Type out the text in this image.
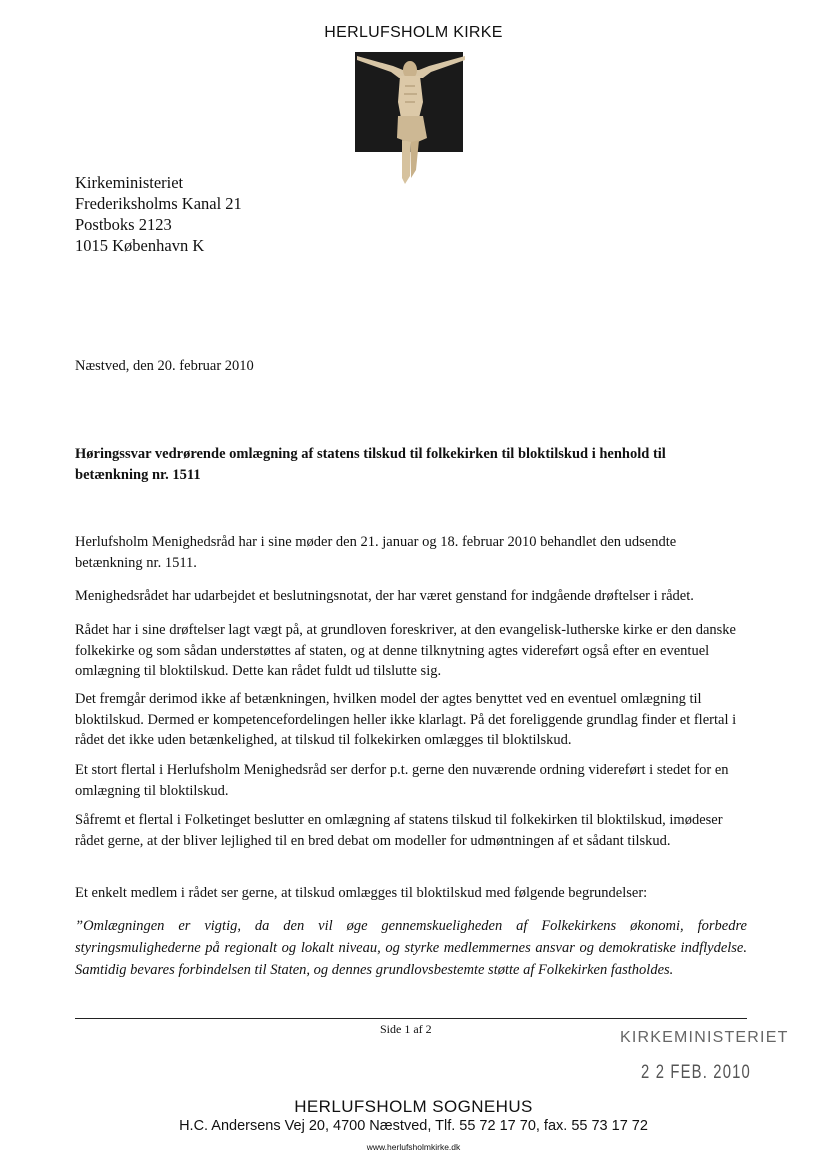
HERLUFSHOLM KIRKE
Kirkeministeriet
Frederiksholms Kanal 21
Postboks 2123
1015 København K
Næstved, den 20. februar 2010
Høringssvar vedrørende omlægning af statens tilskud til folkekirken til bloktilskud i henhold til betænkning nr. 1511
Herlufsholm Menighedsråd har i sine møder den 21. januar og 18. februar 2010 behandlet den udsendte betænkning nr. 1511.
Menighedsrådet har udarbejdet et beslutningsnotat, der har været genstand for indgående drøftelser i rådet.
Rådet har i sine drøftelser lagt vægt på, at grundloven foreskriver, at den evangelisk-lutherske kirke er den danske folkekirke og som sådan understøttes af staten, og at denne tilknytning agtes videreført også efter en eventuel omlægning til bloktilskud. Dette kan rådet fuldt ud tilslutte sig.
Det fremgår derimod ikke af betænkningen, hvilken model der agtes benyttet ved en eventuel omlægning til bloktilskud. Dermed er kompetencefordelingen heller ikke klarlagt. På det foreliggende grundlag finder et flertal i rådet det ikke uden betænkelighed, at tilskud til folkekirken omlægges til bloktilskud.
Et stort flertal i Herlufsholm Menighedsråd ser derfor p.t. gerne den nuværende ordning videreført i stedet for en omlægning til bloktilskud.
Såfremt et flertal i Folketinget beslutter en omlægning af statens tilskud til folkekirken til bloktilskud, imødeser rådet gerne, at der bliver lejlighed til en bred debat om modeller for udmøntningen af et sådant tilskud.
Et enkelt medlem i rådet ser gerne, at tilskud omlægges til bloktilskud med følgende begrundelser:
”Omlægningen er vigtig, da den vil øge gennemskueligheden af Folkekirkens økonomi, forbedre styringsmulighederne på regionalt og lokalt niveau, og styrke medlemmernes ansvar og demokratiske indflydelse. Samtidig bevares forbindelsen til Staten, og dennes grundlovsbestemte støtte af Folkekirken fastholdes.
Side 1 af 2	KIRKEMINISTERIET
2 2 FEB. 2010
HERLUFSHOLM SOGNEHUS
H.C. Andersens Vej 20, 4700 Næstved, Tlf. 55 72 17 70, fax. 55 73 17 72
www.herlufsholmkirke.dk
